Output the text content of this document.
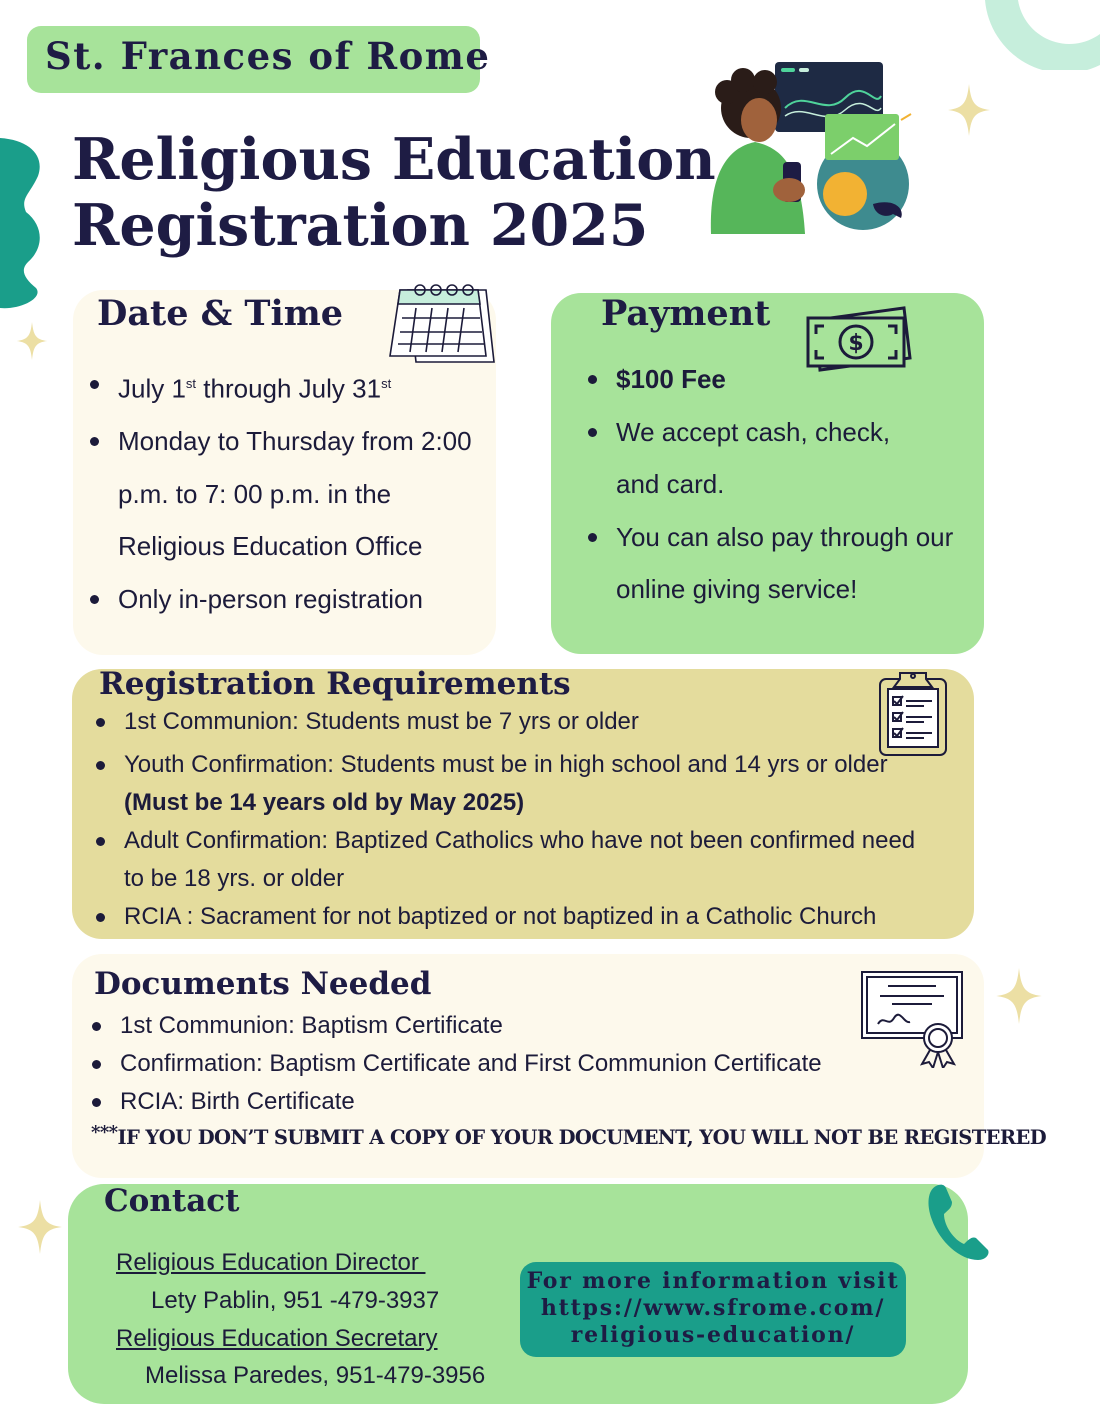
St. Frances of Rome
Religious Education
Registration 2025
Date & Time
July 1st through July 31st
Monday to Thursday from 2:00 p.m. to 7: 00 p.m. in the Religious Education Office
Only in-person registration
Payment
$
$100 Fee
We accept cash, check, and card.
You can also pay through our online giving service!
Registration Requirements
1st Communion: Students must be 7 yrs or older
Youth Confirmation: Students must be in high school and 14 yrs or older
(Must be 14 years old by May 2025)
Adult Confirmation: Baptized Catholics who have not been confirmed need to be 18 yrs. or older
RCIA : Sacrament for not baptized or not baptized in a Catholic Church
Documents Needed
1st Communion: Baptism Certificate
Confirmation: Baptism Certificate and First Communion Certificate
RCIA: Birth Certificate
***IF YOU DON’T SUBMIT A COPY OF YOUR DOCUMENT, YOU WILL NOT BE REGISTERED
Contact
Religious Education Director
Lety Pablin, 951 -479-3937
Religious Education Secretary
Melissa Paredes, 951-479-3956
For more information visit
https://www.sfrome.com/
religious-education/
